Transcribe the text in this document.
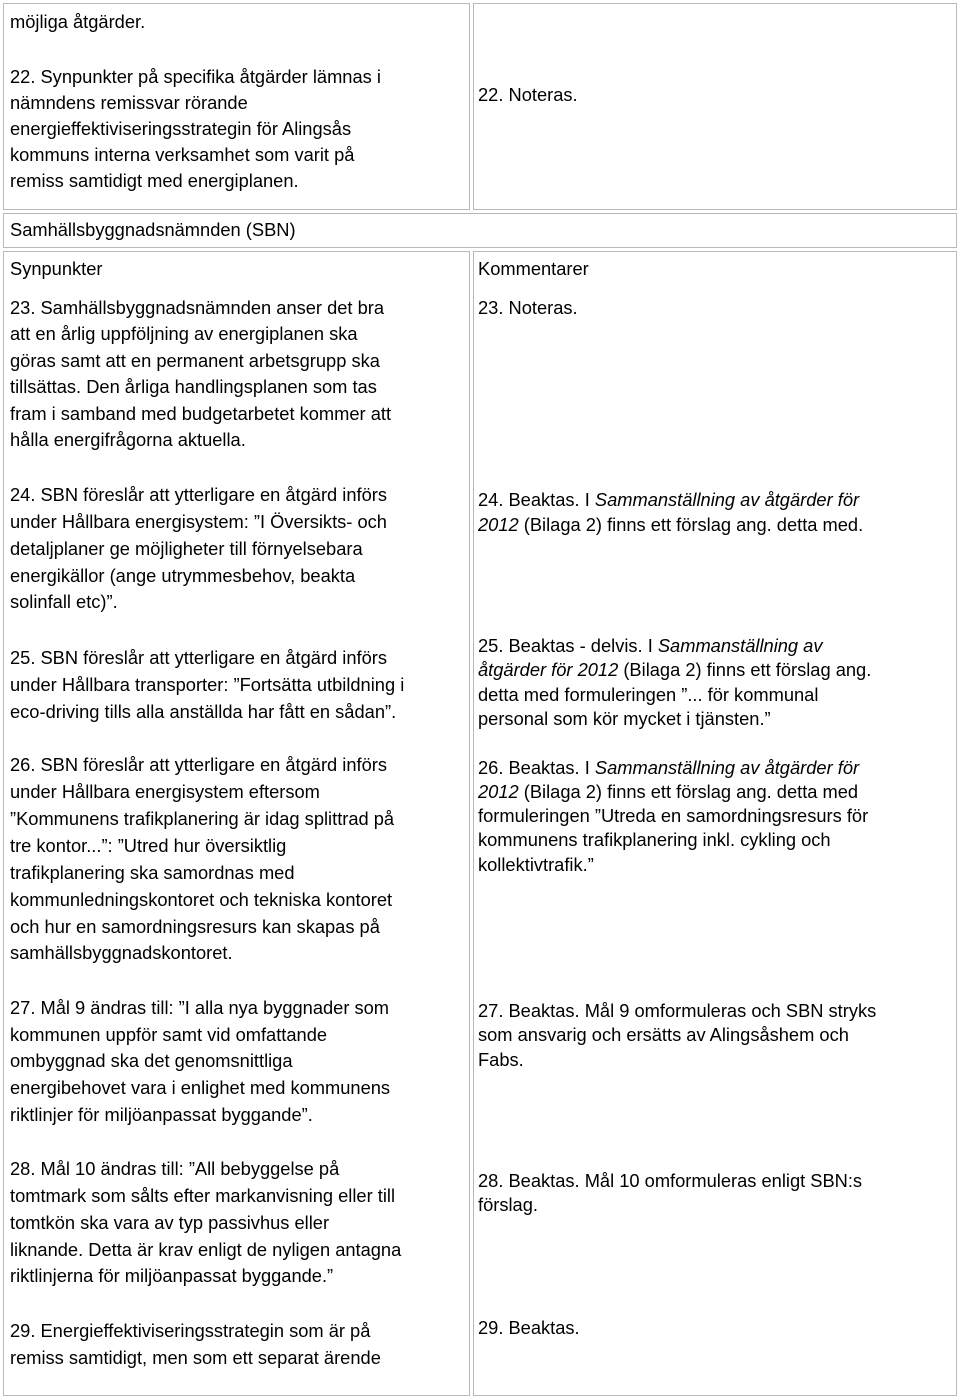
möjliga åtgärder.

22. Synpunkter på specifika åtgärder lämnas i

nämndens remissvar rörande

energieffektiviseringsstrategin för Alingsås

kommuns interna verksamhet som varit på

remiss samtidigt med energiplanen.

22. Noteras.

Samhällsbyggnadsnämnden (SBN)

Synpunkter	Kommentarer

23. Samhällsbyggnadsnämnden anser det bra

att en årlig uppföljning av energiplanen ska

göras samt att en permanent arbetsgrupp ska

tillsättas. Den årliga handlingsplanen som tas

fram i samband med budgetarbetet kommer att

hålla energifrågorna aktuella.

23. Noteras.

24. SBN föreslår att ytterligare en åtgärd införs

under Hållbara energisystem: ”I Översikts- och

detaljplaner ge möjligheter till förnyelsebara

energikällor (ange utrymmesbehov, beakta

solinfall etc)”.

24. Beaktas. I Sammanställning av åtgärder för

2012 (Bilaga 2) finns ett förslag ang. detta med.

25. SBN föreslår att ytterligare en åtgärd införs

under Hållbara transporter: ”Fortsätta utbildning i

eco-driving tills alla anställda har fått en sådan”.

25. Beaktas - delvis. I Sammanställning av

åtgärder för 2012 (Bilaga 2) finns ett förslag ang.

detta med formuleringen ”... för kommunal

personal som kör mycket i tjänsten.”

26. SBN föreslår att ytterligare en åtgärd införs

under Hållbara energisystem eftersom

”Kommunens trafikplanering är idag splittrad på

tre kontor...”: ”Utred hur översiktlig

trafikplanering ska samordnas med

kommunledningskontoret och tekniska kontoret

och hur en samordningsresurs kan skapas på

samhällsbyggnadskontoret.

26. Beaktas. I Sammanställning av åtgärder för

2012 (Bilaga 2) finns ett förslag ang. detta med

formuleringen ”Utreda en samordningsresurs för

kommunens trafikplanering inkl. cykling och

kollektivtrafik.”

27. Mål 9 ändras till: ”I alla nya byggnader som

kommunen uppför samt vid omfattande

ombyggnad ska det genomsnittliga

energibehovet vara i enlighet med kommunens

riktlinjer för miljöanpassat byggande”.

27. Beaktas. Mål 9 omformuleras och SBN stryks

som ansvarig och ersätts av Alingsåshem och

Fabs.

28. Mål 10 ändras till: ”All bebyggelse på

tomtmark som sålts efter markanvisning eller till

tomtkön ska vara av typ passivhus eller

liknande. Detta är krav enligt de nyligen antagna

riktlinjerna för miljöanpassat byggande.”

28. Beaktas. Mål 10 omformuleras enligt SBN:s

förslag.

29. Energieffektiviseringsstrategin som är på

remiss samtidigt, men som ett separat ärende

29. Beaktas.
